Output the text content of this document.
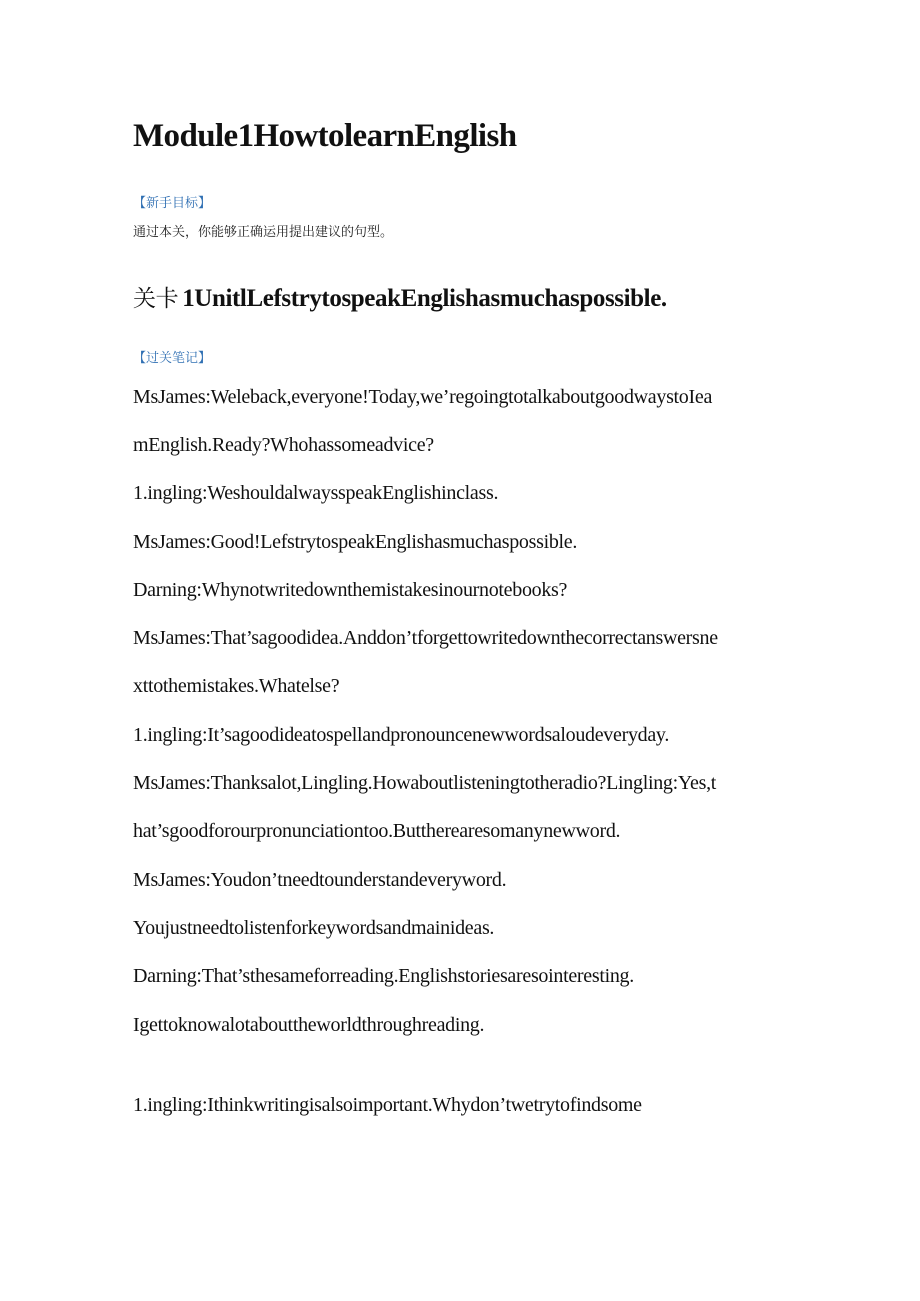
Module1HowtolearnEnglish
【新手目标】
通过本关，你能够正确运用提出建议的句型。
关卡 1UnitlLefstrytospeakEnglishasmuchaspossible.
【过关笔记】
MsJames:Weleback,everyone!Today,we’regoingtotalkaboutgoodwaystoIea
mEnglish.Ready?Whohassomeadvice?
1.ingling:WeshouldalwaysspeakEnglishinclass.
MsJames:Good!LefstrytospeakEnglishasmuchaspossible.
Darning:Whynotwritedownthemistakesinournotebooks?
MsJames:That’sagoodidea.Anddon’tforgettowritedownthecorrectanswersne
xttothemistakes.Whatelse?
1.ingling:It’sagoodideatospellandpronouncenewwordsaloudeveryday.
MsJames:Thanksalot,Lingling.Howaboutlisteningtotheradio?Lingling:Yes,t
hat’sgoodforourpronunciationtoo.Buttherearesomanynewword.
MsJames:Youdon’tneedtounderstandeveryword.
Youjustneedtolistenforkeywordsandmainideas.
Darning:That’sthesameforreading.Englishstoriesaresointeresting.
Igettoknowalotabouttheworldthroughreading.
1.ingling:Ithinkwritingisalsoimportant.Whydon’twetrytofindsome
